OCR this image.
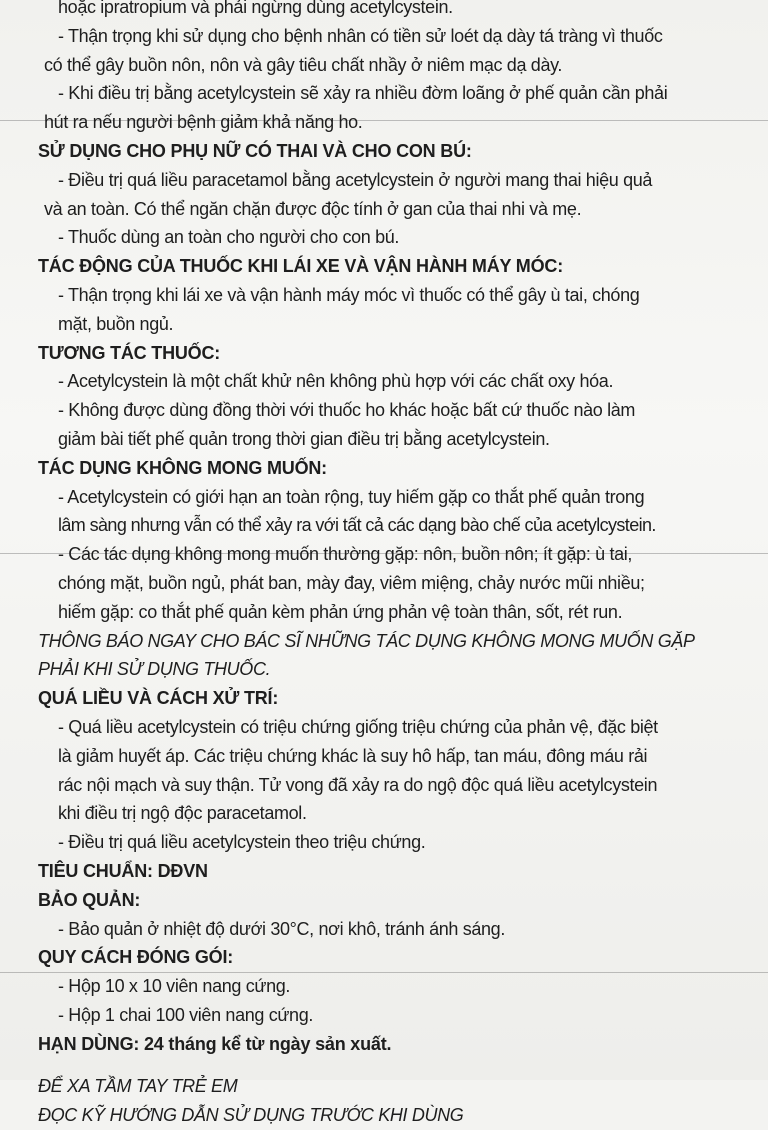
hoặc ipratropium và phải ngừng dùng acetylcystein.
- Thận trọng khi sử dụng cho bệnh nhân có tiền sử loét dạ dày tá tràng vì thuốc
có thể gây buồn nôn, nôn và gây tiêu chất nhầy ở niêm mạc dạ dày.
- Khi điều trị bằng acetylcystein sẽ xảy ra nhiều đờm loãng ở phế quản cần phải
hút ra nếu người bệnh giảm khả năng ho.
SỬ DỤNG CHO PHỤ NỮ CÓ THAI VÀ CHO CON BÚ:
- Điều trị quá liều paracetamol bằng acetylcystein ở người mang thai hiệu quả
và an toàn. Có thể ngăn chặn được độc tính ở gan của thai nhi và mẹ.
- Thuốc dùng an toàn cho người cho con bú.
TÁC ĐỘNG CỦA THUỐC KHI LÁI XE VÀ VẬN HÀNH MÁY MÓC:
- Thận trọng khi lái xe và vận hành máy móc vì thuốc có thể gây ù tai, chóng
mặt, buồn ngủ.
TƯƠNG TÁC THUỐC:
- Acetylcystein là một chất khử nên không phù hợp với các chất oxy hóa.
- Không được dùng đồng thời với thuốc ho khác hoặc bất cứ thuốc nào làm
giảm bài tiết phế quản trong thời gian điều trị bằng acetylcystein.
TÁC DỤNG KHÔNG MONG MUỐN:
- Acetylcystein có giới hạn an toàn rộng, tuy hiếm gặp co thắt phế quản trong
lâm sàng nhưng vẫn có thể xảy ra với tất cả các dạng bào chế của acetylcystein.
- Các tác dụng không mong muốn thường gặp: nôn, buồn nôn; ít gặp: ù tai,
chóng mặt, buồn ngủ, phát ban, mày đay, viêm miệng, chảy nước mũi nhiều;
hiếm gặp: co thắt phế quản kèm phản ứng phản vệ toàn thân, sốt, rét run.
THÔNG BÁO NGAY CHO BÁC SĨ NHỮNG TÁC DỤNG KHÔNG MONG MUỐN GẶP
PHẢI KHI SỬ DỤNG THUỐC.
QUÁ LIỀU VÀ CÁCH XỬ TRÍ:
- Quá liều acetylcystein có triệu chứng giống triệu chứng của phản vệ, đặc biệt
là giảm huyết áp. Các triệu chứng khác là suy hô hấp, tan máu, đông máu rải
rác nội mạch và suy thận. Tử vong đã xảy ra do ngộ độc quá liều acetylcystein
khi điều trị ngộ độc paracetamol.
- Điều trị quá liều acetylcystein theo triệu chứng.
TIÊU CHUẨN: DĐVN
BẢO QUẢN:
- Bảo quản ở nhiệt độ dưới 30°C, nơi khô, tránh ánh sáng.
QUY CÁCH ĐÓNG GÓI:
- Hộp 10 x 10 viên nang cứng.
- Hộp 1 chai 100 viên nang cứng.
HẠN DÙNG: 24 tháng kể từ ngày sản xuất.
ĐỂ XA TẦM TAY TRẺ EM
ĐỌC KỸ HƯỚNG DẪN SỬ DỤNG TRƯỚC KHI DÙNG
